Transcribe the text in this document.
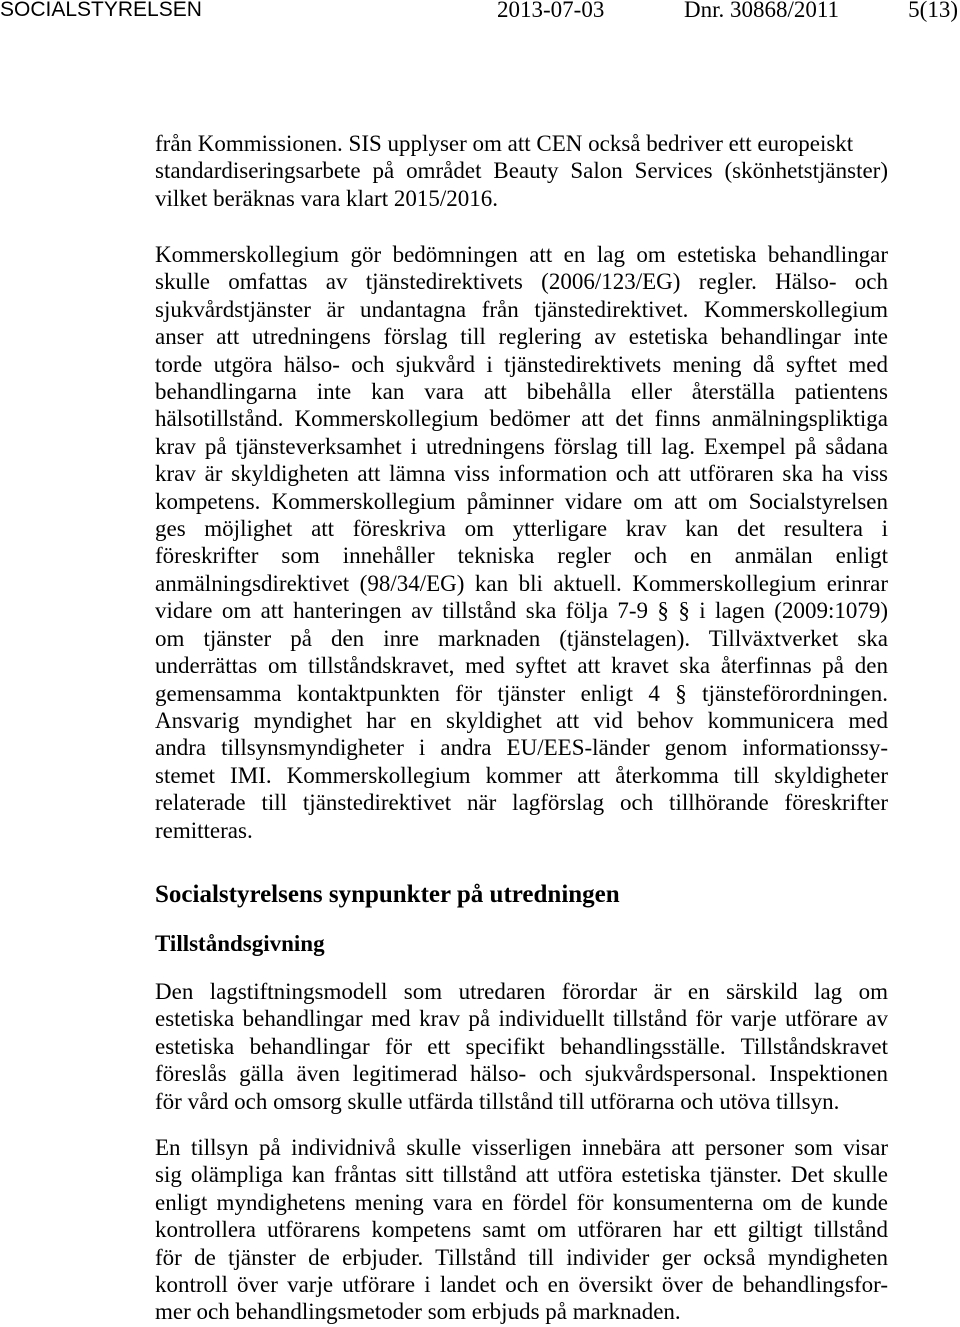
SOCIALSTYRELSEN	2013-07-03	Dnr. 30868/2011	5(13)
från Kommissionen. SIS upplyser om att CEN också bedriver ett europeiskt
standardiseringsarbete på området Beauty Salon Services (skönhetstjänster)
vilket beräknas vara klart 2015/2016.
Kommerskollegium gör bedömningen att en lag om estetiska behandlingar
skulle omfattas av tjänstedirektivets (2006/123/EG) regler. Hälso- och
sjukvårdstjänster är undantagna från tjänstedirektivet. Kommerskollegium
anser att utredningens förslag till reglering av estetiska behandlingar inte
torde utgöra hälso- och sjukvård i tjänstedirektivets mening då syftet med
behandlingarna inte kan vara att bibehålla eller återställa patientens
hälsotillstånd. Kommerskollegium bedömer att det finns anmälningspliktiga
krav på tjänsteverksamhet i utredningens förslag till lag. Exempel på sådana
krav är skyldigheten att lämna viss information och att utföraren ska ha viss
kompetens. Kommerskollegium påminner vidare om att om Socialstyrelsen
ges möjlighet att föreskriva om ytterligare krav kan det resultera i
föreskrifter som innehåller tekniska regler och en anmälan enligt
anmälningsdirektivet (98/34/EG) kan bli aktuell. Kommerskollegium erinrar
vidare om att hanteringen av tillstånd ska följa 7-9 § § i lagen (2009:1079)
om tjänster på den inre marknaden (tjänstelagen). Tillväxtverket ska
underrättas om tillståndskravet, med syftet att kravet ska återfinnas på den
gemensamma kontaktpunkten för tjänster enligt 4 § tjänsteförordningen.
Ansvarig myndighet har en skyldighet att vid behov kommunicera med
andra tillsynsmyndigheter i andra EU/EES-länder genom informationssy-
stemet IMI. Kommerskollegium kommer att återkomma till skyldigheter
relaterade till tjänstedirektivet när lagförslag och tillhörande föreskrifter
remitteras.
Socialstyrelsens synpunkter på utredningen
Tillståndsgivning
Den lagstiftningsmodell som utredaren förordar är en särskild lag om
estetiska behandlingar med krav på individuellt tillstånd för varje utförare av
estetiska behandlingar för ett specifikt behandlingsställe. Tillståndskravet
föreslås gälla även legitimerad hälso- och sjukvårdspersonal. Inspektionen
för vård och omsorg skulle utfärda tillstånd till utförarna och utöva tillsyn.
En tillsyn på individnivå skulle visserligen innebära att personer som visar
sig olämpliga kan fråntas sitt tillstånd att utföra estetiska tjänster. Det skulle
enligt myndighetens mening vara en fördel för konsumenterna om de kunde
kontrollera utförarens kompetens samt om utföraren har ett giltigt tillstånd
för de tjänster de erbjuder. Tillstånd till individer ger också myndigheten
kontroll över varje utförare i landet och en översikt över de behandlingsfor-
mer och behandlingsmetoder som erbjuds på marknaden.
